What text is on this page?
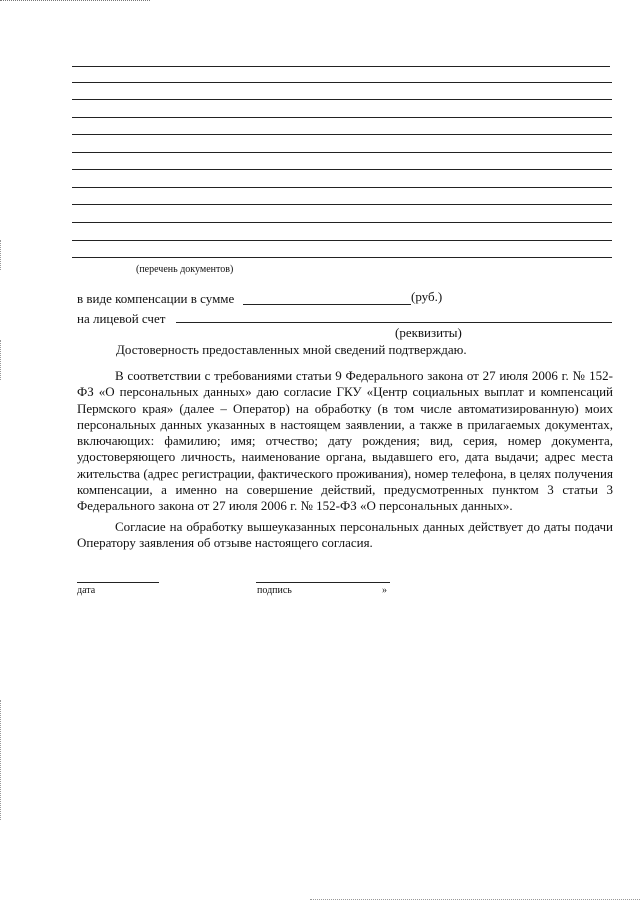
(перечень документов)
в виде компенсации в сумме	(руб.)
на лицевой счет
(реквизиты)
Достоверность предоставленных мной сведений подтверждаю.
В соответствии с требованиями статьи 9 Федерального закона от 27 июля 2006 г. № 152-ФЗ «О персональных данных» даю согласие ГКУ «Центр социальных выплат и компенсаций Пермского края» (далее – Оператор) на обработку (в том числе автоматизированную) моих персональных данных указанных в настоящем заявлении, а также в прилагаемых документах, включающих: фамилию; имя; отчество; дату рождения; вид, серия, номер документа, удостоверяющего личность, наименование органа, выдавшего его, дата выдачи; адрес места жительства (адрес регистрации, фактического проживания), номер телефона, в целях получения компенсации, а именно на совершение действий, предусмотренных пунктом 3 статьи 3 Федерального закона от 27 июля 2006 г. № 152-ФЗ «О персональных данных».
Согласие на обработку вышеуказанных персональных данных действует до даты подачи Оператору заявления об отзыве настоящего согласия.
дата	подпись	»
